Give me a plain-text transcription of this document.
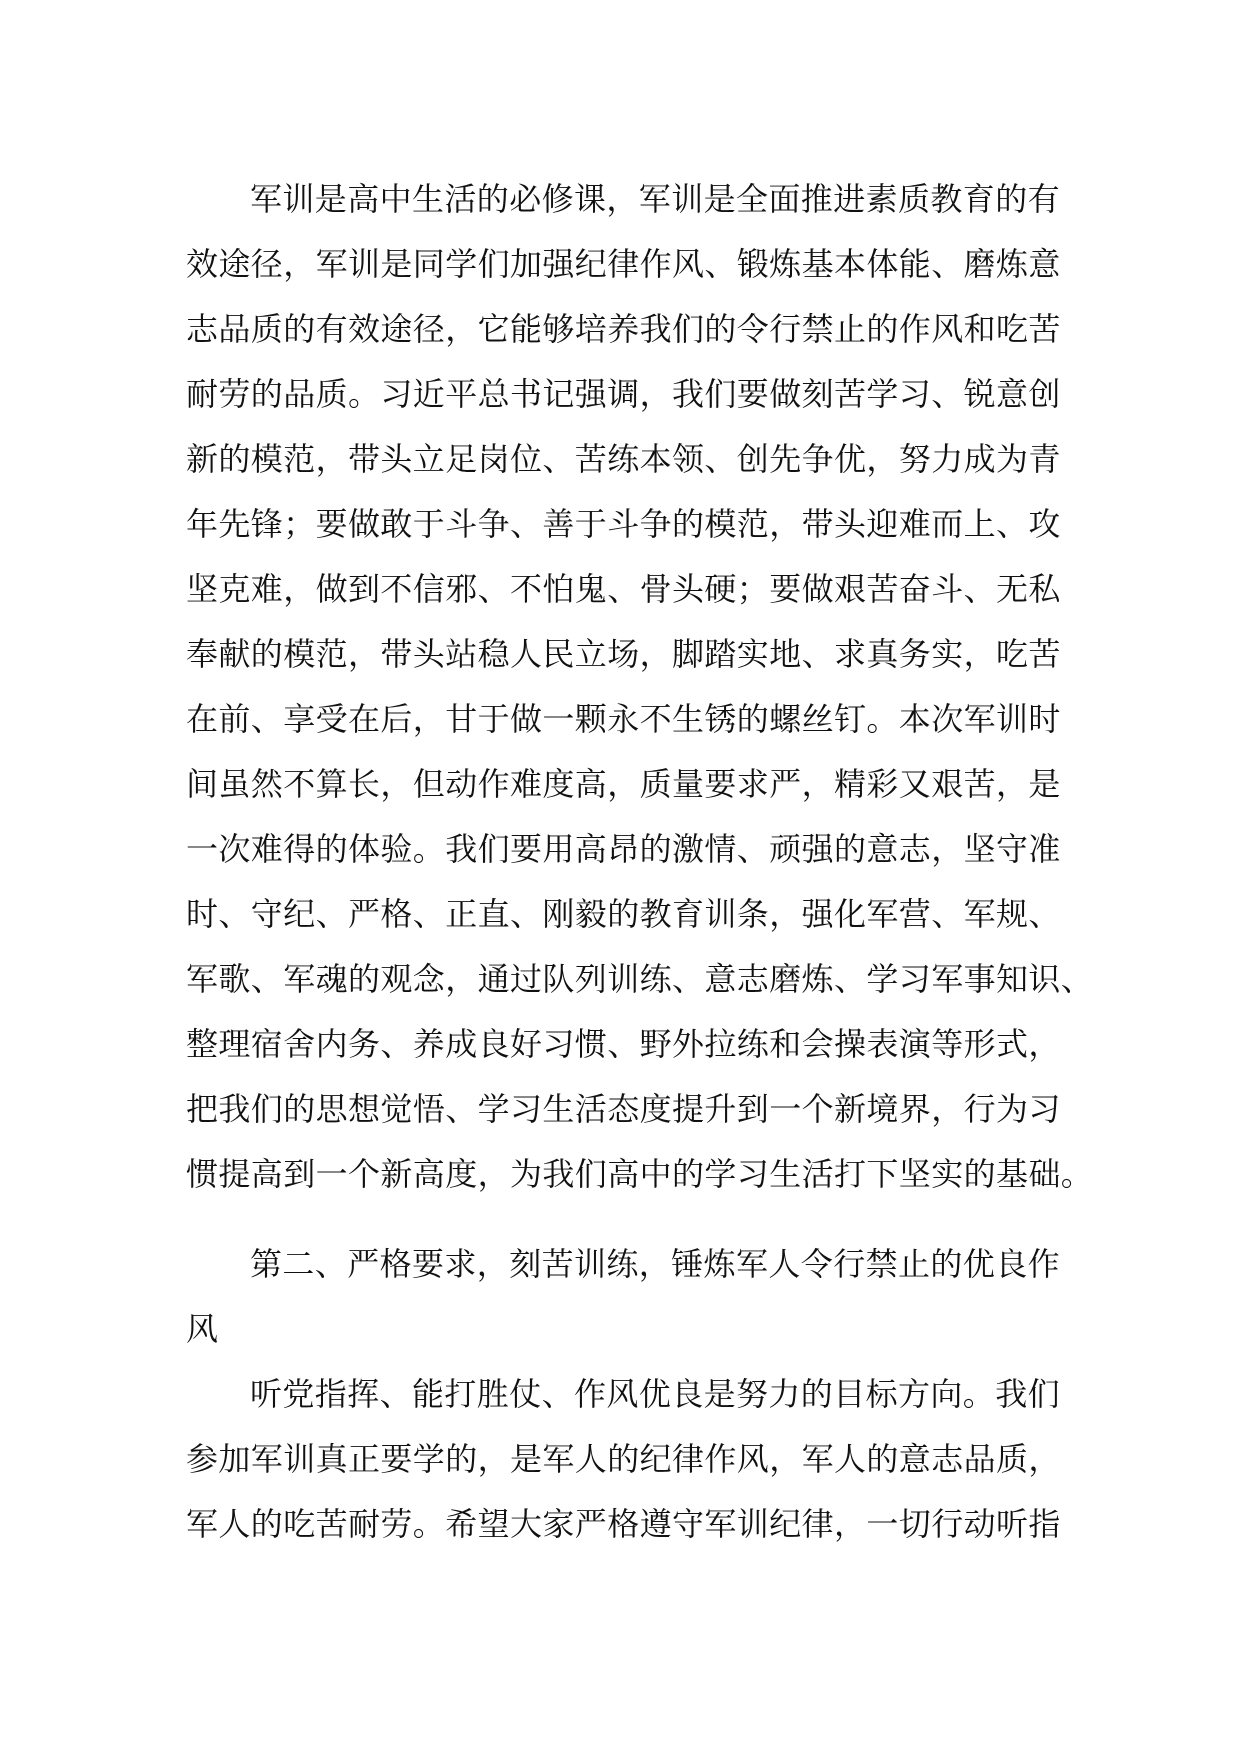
军训是高中生活的必修课，军训是全面推进素质教育的有
效途径，军训是同学们加强纪律作风、锻炼基本体能、磨炼意
志品质的有效途径，它能够培养我们的令行禁止的作风和吃苦
耐劳的品质。习近平总书记强调，我们要做刻苦学习、锐意创
新的模范，带头立足岗位、苦练本领、创先争优，努力成为青
年先锋；要做敢于斗争、善于斗争的模范，带头迎难而上、攻
坚克难，做到不信邪、不怕鬼、骨头硬；要做艰苦奋斗、无私
奉献的模范，带头站稳人民立场，脚踏实地、求真务实，吃苦
在前、享受在后，甘于做一颗永不生锈的螺丝钉。本次军训时
间虽然不算长，但动作难度高，质量要求严，精彩又艰苦，是
一次难得的体验。我们要用高昂的激情、顽强的意志，坚守准
时、守纪、严格、正直、刚毅的教育训条，强化军营、军规、
军歌、军魂的观念，通过队列训练、意志磨炼、学习军事知识、
整理宿舍内务、养成良好习惯、野外拉练和会操表演等形式，
把我们的思想觉悟、学习生活态度提升到一个新境界，行为习
惯提高到一个新高度，为我们高中的学习生活打下坚实的基础。
第二、严格要求，刻苦训练，锤炼军人令行禁止的优良作
风
听党指挥、能打胜仗、作风优良是努力的目标方向。我们
参加军训真正要学的，是军人的纪律作风，军人的意志品质，
军人的吃苦耐劳。希望大家严格遵守军训纪律，一切行动听指
